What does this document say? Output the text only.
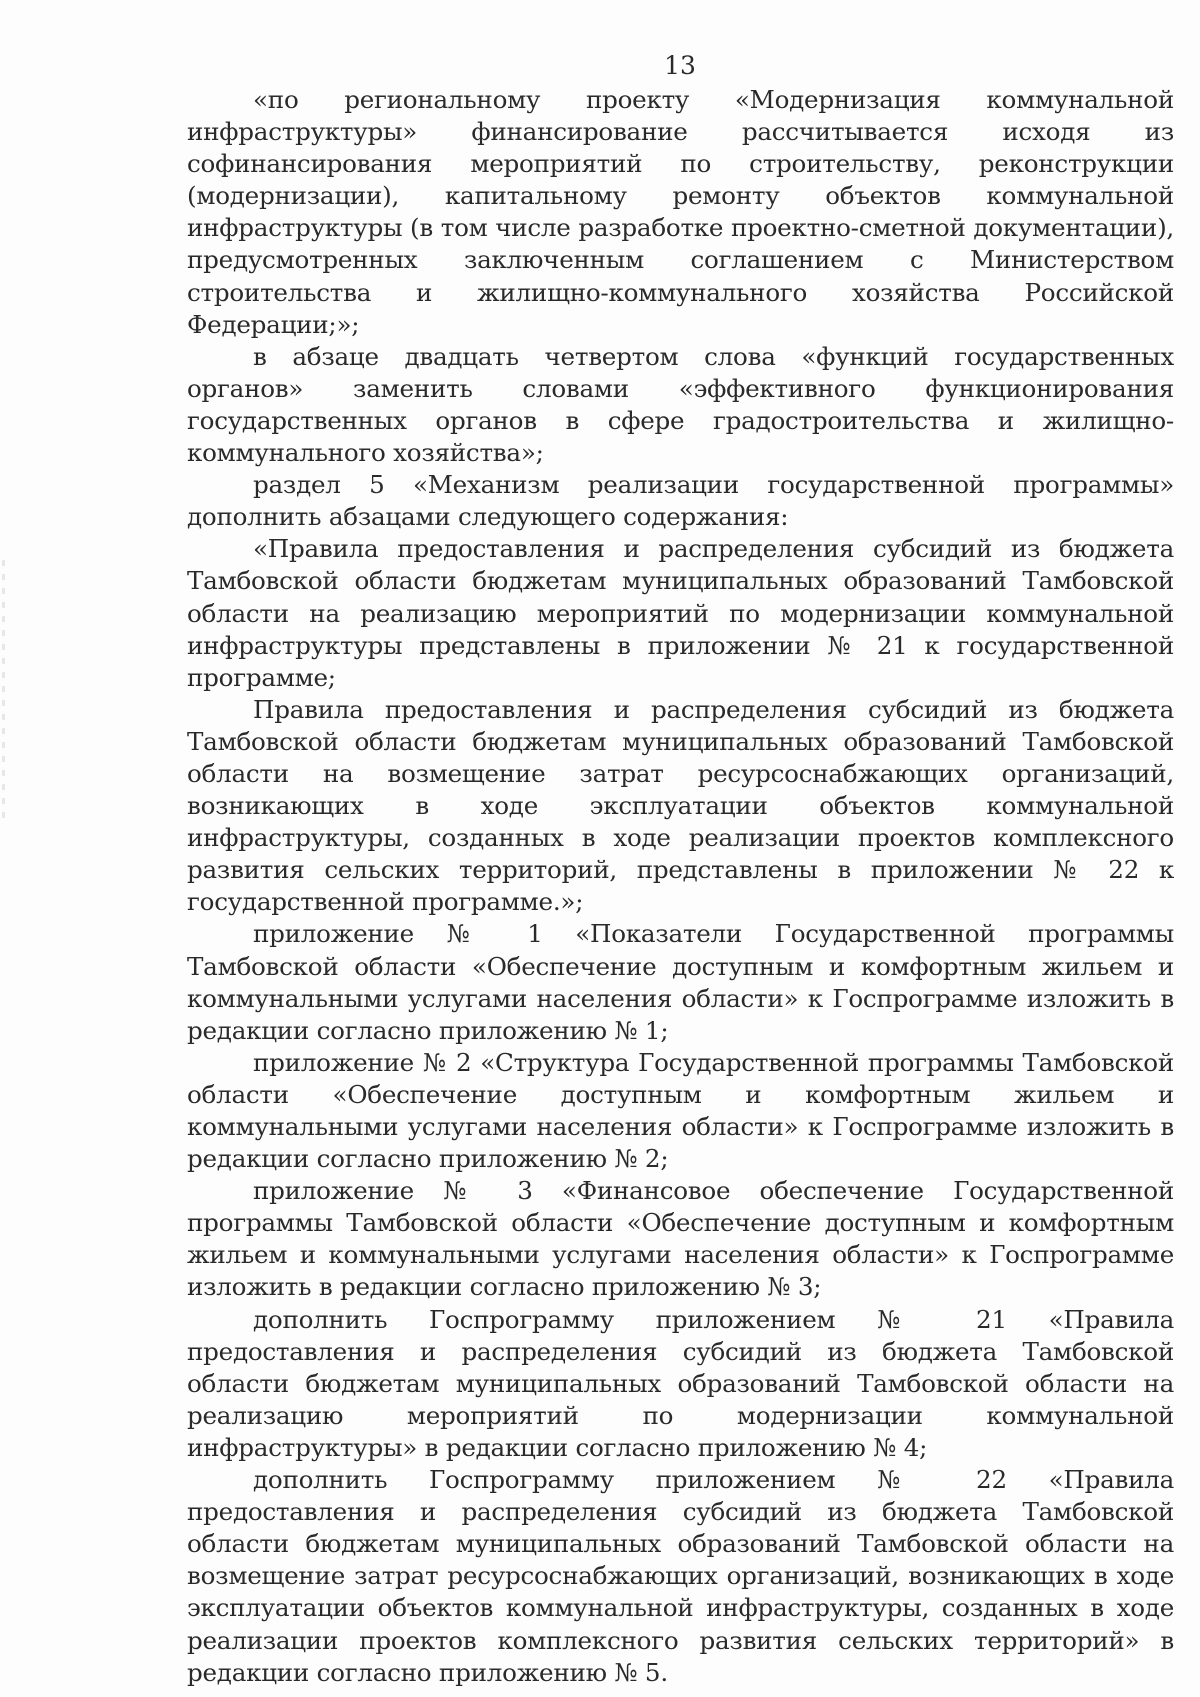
13

«по региональному проекту «Модернизация коммунальной инфраструктуры» финансирование рассчитывается исходя из софинансирования мероприятий по строительству, реконструкции (модернизации), капитальному ремонту объектов коммунальной инфраструктуры (в том числе разработке проектно-сметной документации), предусмотренных заключенным соглашением с Министерством строительства и жилищно-коммунального хозяйства Российской Федерации;»;

в абзаце двадцать четвертом слова «функций государственных органов» заменить словами «эффективного функционирования государственных органов в сфере градостроительства и жилищно-коммунального хозяйства»;

раздел 5 «Механизм реализации государственной программы» дополнить абзацами следующего содержания:

«Правила предоставления и распределения субсидий из бюджета Тамбовской области бюджетам муниципальных образований Тамбовской области на реализацию мероприятий по модернизации коммунальной инфраструктуры представлены в приложении № 21 к государственной программе;

Правила предоставления и распределения субсидий из бюджета Тамбовской области бюджетам муниципальных образований Тамбовской области на возмещение затрат ресурсоснабжающих организаций, возникающих в ходе эксплуатации объектов коммунальной инфраструктуры, созданных в ходе реализации проектов комплексного развития сельских территорий, представлены в приложении № 22 к государственной программе.»;

приложение № 1 «Показатели Государственной программы Тамбовской области «Обеспечение доступным и комфортным жильем и коммунальными услугами населения области» к Госпрограмме изложить в редакции согласно приложению № 1;

приложение № 2 «Структура Государственной программы Тамбовской области «Обеспечение доступным и комфортным жильем и коммунальными услугами населения области» к Госпрограмме изложить в редакции согласно приложению № 2;

приложение № 3 «Финансовое обеспечение Государственной программы Тамбовской области «Обеспечение доступным и комфортным жильем и коммунальными услугами населения области» к Госпрограмме изложить в редакции согласно приложению № 3;

дополнить Госпрограмму приложением № 21 «Правила предоставления и распределения субсидий из бюджета Тамбовской области бюджетам муниципальных образований Тамбовской области на реализацию мероприятий по модернизации коммунальной инфраструктуры» в редакции согласно приложению № 4;

дополнить Госпрограмму приложением № 22 «Правила предоставления и распределения субсидий из бюджета Тамбовской области бюджетам муниципальных образований Тамбовской области на возмещение затрат ресурсоснабжающих организаций, возникающих в ходе эксплуатации объектов коммунальной инфраструктуры, созданных в ходе реализации проектов комплексного развития сельских территорий» в редакции согласно приложению № 5.
